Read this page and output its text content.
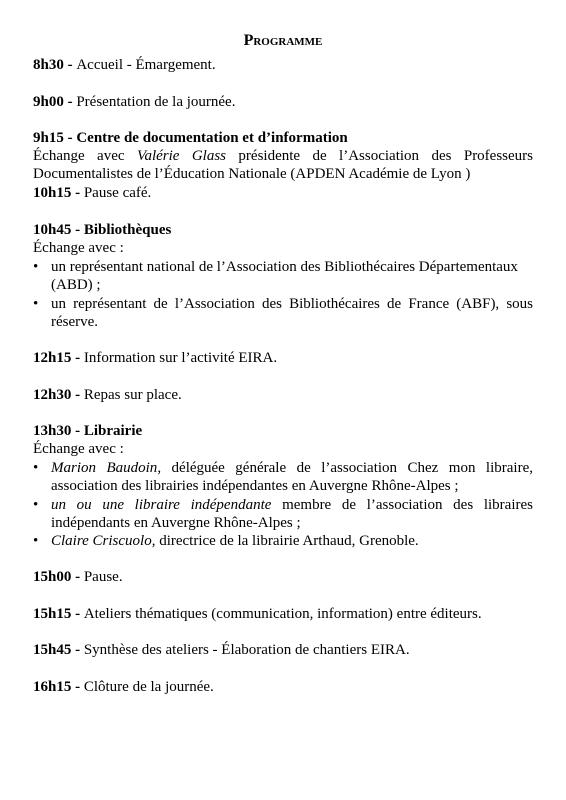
Programme
8h30 - Accueil - Émargement.
9h00 - Présentation de la journée.
9h15 - Centre de documentation et d’information
Échange avec Valérie Glass présidente de l’Association des Professeurs
Documentalistes de l’Éducation Nationale (APDEN Académie de Lyon )
10h15 - Pause café.
10h45 - Bibliothèques
Échange avec :
• un représentant national de l’Association des Bibliothécaires Départementaux
(ABD) ;
• un représentant de l’Association des Bibliothécaires de France (ABF), sous
réserve.
12h15 - Information sur l’activité EIRA.
12h30 - Repas sur place.
13h30 - Librairie
Échange avec :
• Marion Baudoin, déléguée générale de l’association Chez mon libraire,
association des librairies indépendantes en Auvergne Rhône-Alpes ;
• un ou une libraire indépendante membre de l’association des libraires
indépendants en Auvergne Rhône-Alpes ;
• Claire Criscuolo, directrice de la librairie Arthaud, Grenoble.
15h00 - Pause.
15h15 - Ateliers thématiques (communication, information) entre éditeurs.
15h45 - Synthèse des ateliers - Élaboration de chantiers EIRA.
16h15 - Clôture de la journée.
